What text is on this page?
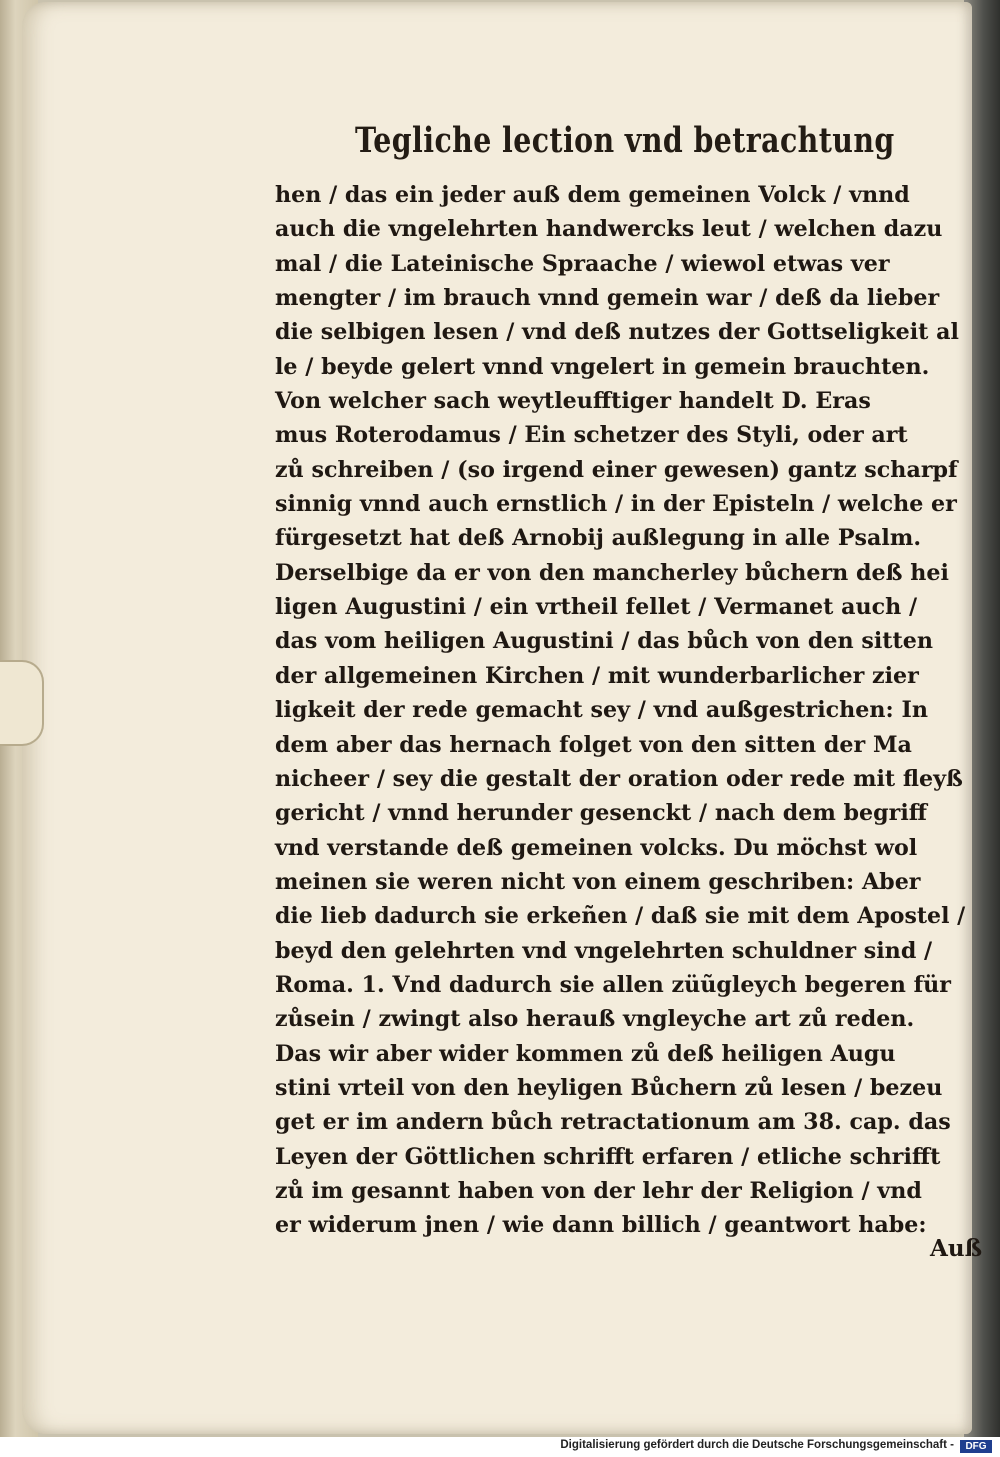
Tegliche lection vnd betrachtung
hen / das ein jeder auß dem gemeinen Volck / vnnd
auch die vngelehrten handwercks leut / welchen dazu
mal / die Lateinische Spraache / wiewol etwas ver
mengter / im brauch vnnd gemein war / deß da lieber
die selbigen lesen / vnd deß nutzes der Gottseligkeit al
le / beyde gelert vnnd vngelert in gemein brauchten.
Von welcher sach weytleufftiger handelt D. Eras
mus Roterodamus / Ein schetzer des Styli, oder art
zů schreiben / (so irgend einer gewesen) gantz scharpf
sinnig vnnd auch ernstlich / in der Episteln / welche er
fürgesetzt hat deß Arnobij außlegung in alle Psalm.
Derselbige da er von den mancherley bůchern deß hei
ligen Augustini / ein vrtheil fellet / Vermanet auch /
das vom heiligen Augustini / das bůch von den sitten
der allgemeinen Kirchen / mit wunderbarlicher zier
ligkeit der rede gemacht sey / vnd außgestrichen: In
dem aber das hernach folget von den sitten der Ma
nicheer / sey die gestalt der oration oder rede mit fleyß
gericht / vnnd herunder gesenckt / nach dem begriff
vnd verstande deß gemeinen volcks. Du möchst wol
meinen sie weren nicht von einem geschriben: Aber
die lieb dadurch sie erkeñen / daß sie mit dem Apostel /
beyd den gelehrten vnd vngelehrten schuldner sind /
Roma. 1. Vnd dadurch sie allen züũgleych begeren für
zůsein / zwingt also herauß vngleyche art zů reden.
Das wir aber wider kommen zů deß heiligen Augu
stini vrteil von den heyligen Bůchern zů lesen / bezeu
get er im andern bůch retractationum am 38. cap. das
Leyen der Göttlichen schrifft erfaren / etliche schrifft
zů im gesannt haben von der lehr der Religion / vnd
er widerum jnen / wie dann billich / geantwort habe:
Auß
Digitalisierung gefördert durch die Deutsche Forschungsgemeinschaft -	DFG
